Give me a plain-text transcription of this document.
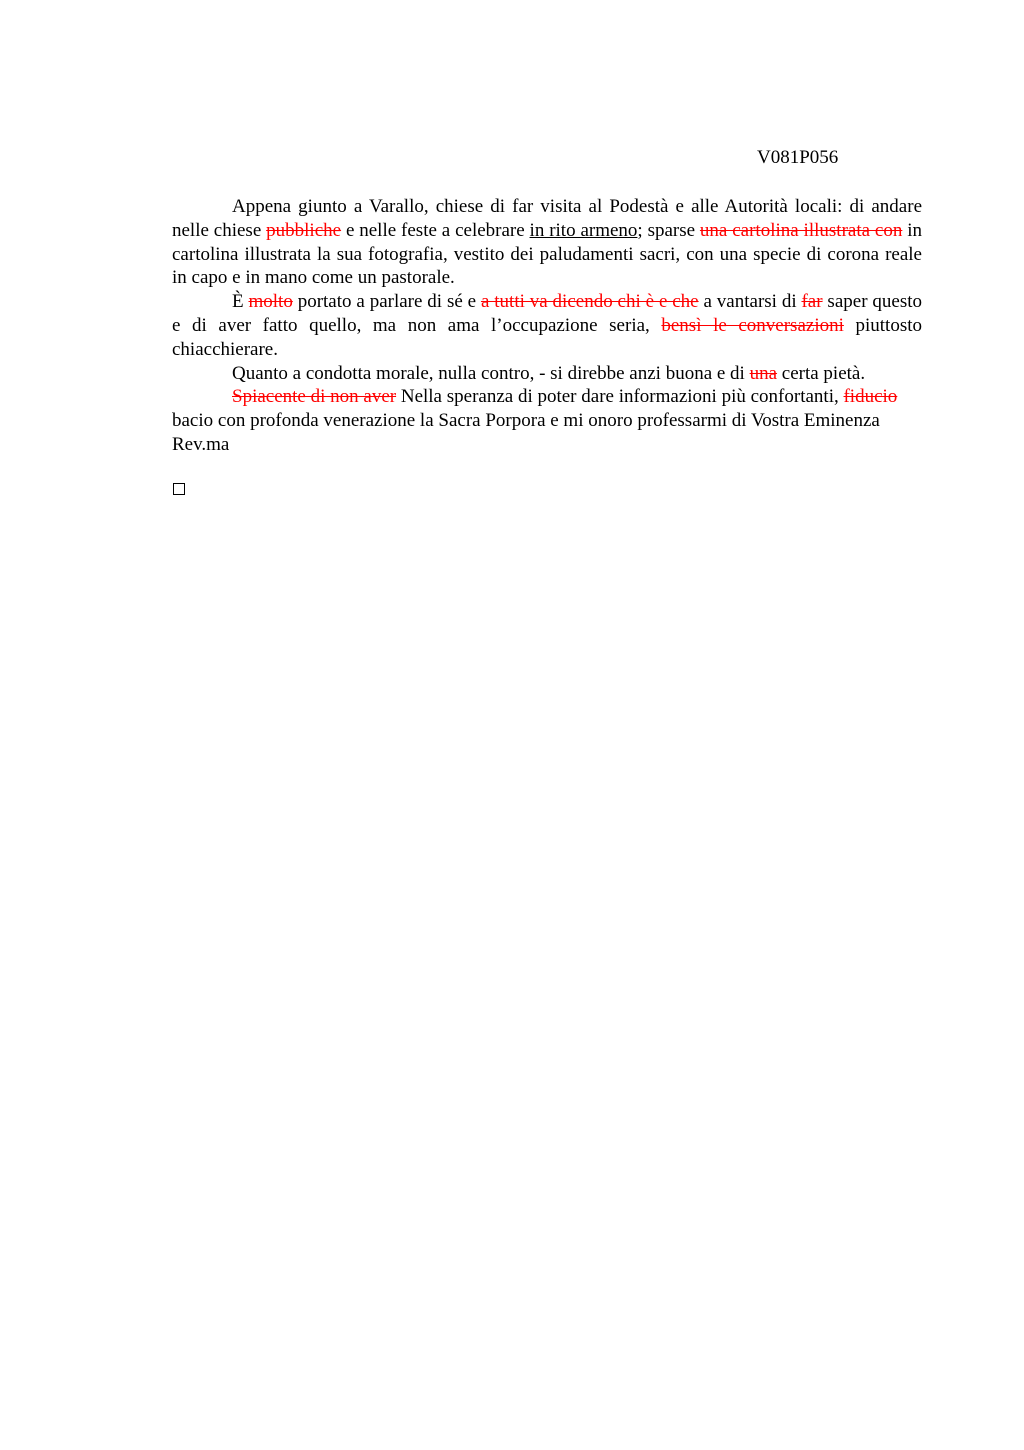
V081P056

Appena giunto a Varallo, chiese di far visita al Podestà e alle Autorità locali: di andare nelle chiese pubbliche e nelle feste a celebrare in rito armeno; sparse una cartolina illustrata con in cartolina illustrata la sua fotografia, vestito dei paludamenti sacri, con una specie di corona reale in capo e in mano come un pastorale.

È molto portato a parlare di sé e a tutti va dicendo chi è e che a vantarsi di far saper questo e di aver fatto quello, ma non ama l’occupazione seria, bensì le conversazioni piuttosto chiacchierare.

Quanto a condotta morale, nulla contro, - si direbbe anzi buona e di una certa pietà.

Spiacente di non aver Nella speranza di poter dare informazioni più confortanti, fiducio bacio con profonda venerazione la Sacra Porpora e mi onoro professarmi di Vostra Eminenza Rev.ma
